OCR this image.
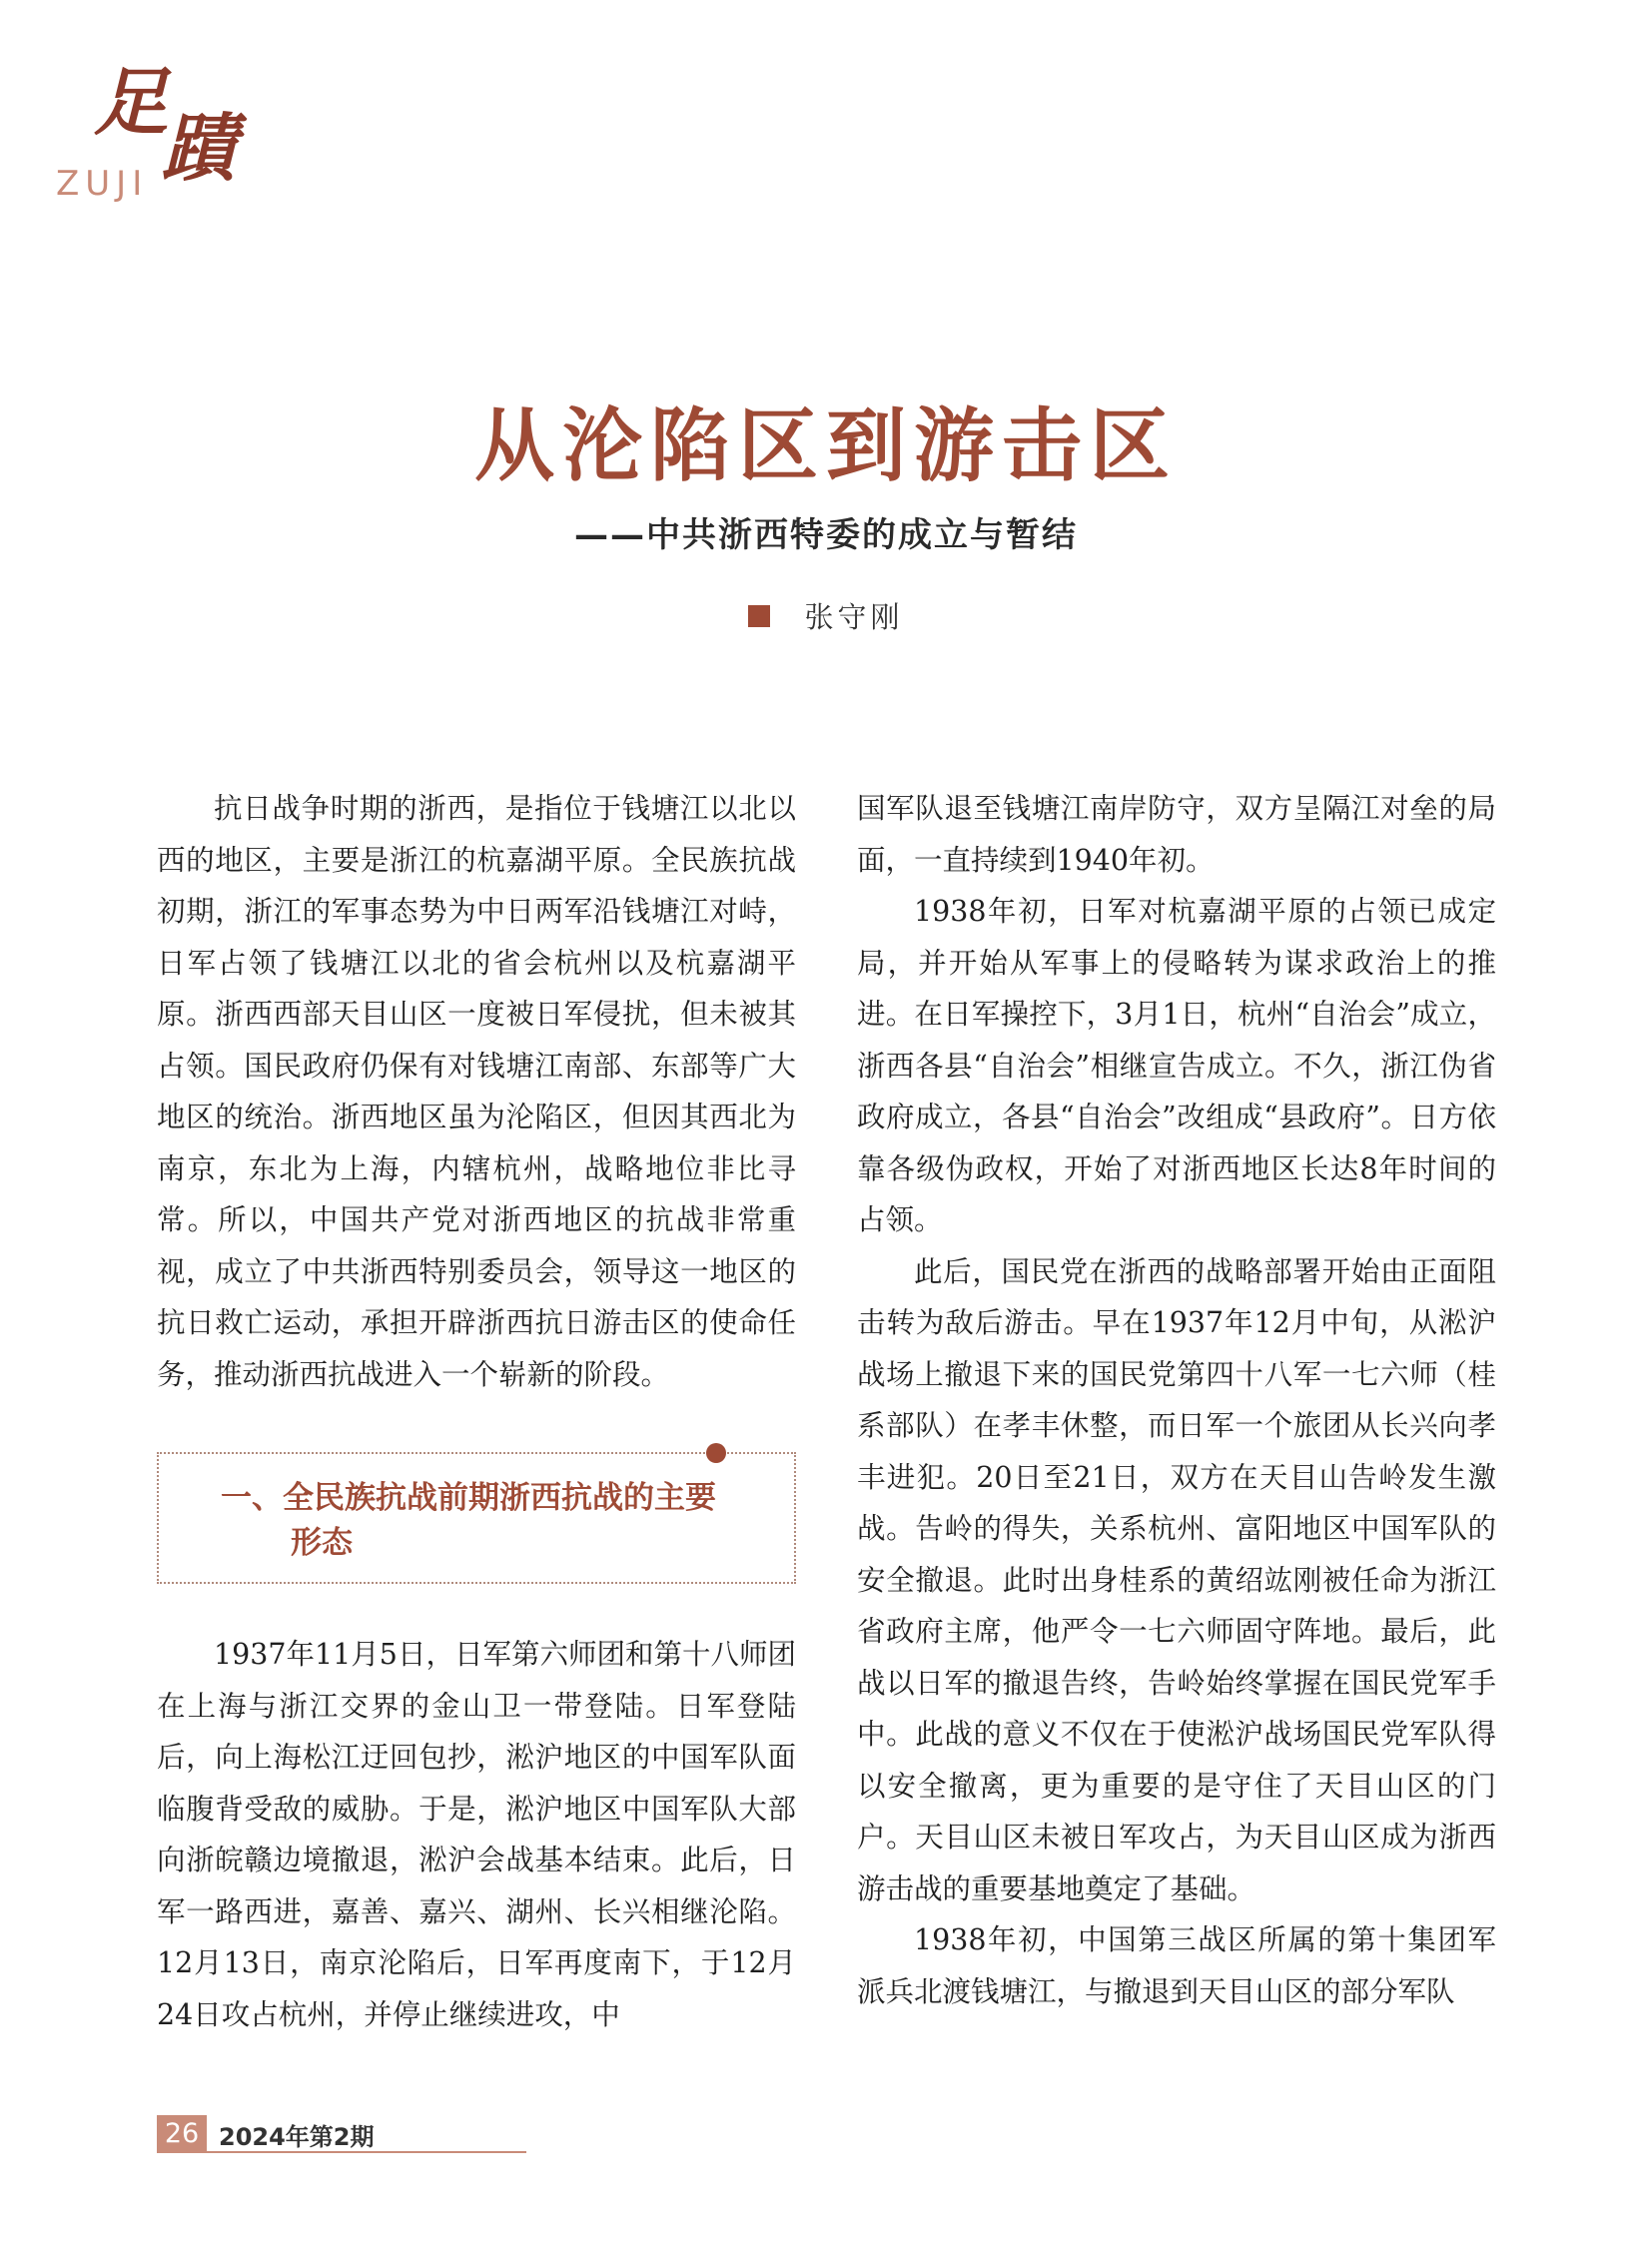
足蹟
ZUJI
从沦陷区到游击区
——中共浙西特委的成立与暂结
张守刚

抗日战争时期的浙西，是指位于钱塘江以北以西的地区，主要是浙江的杭嘉湖平原。全民族抗战初期，浙江的军事态势为中日两军沿钱塘江对峙，日军占领了钱塘江以北的省会杭州以及杭嘉湖平原。浙西西部天目山区一度被日军侵扰，但未被其占领。国民政府仍保有对钱塘江南部、东部等广大地区的统治。浙西地区虽为沦陷区，但因其西北为南京，东北为上海，内辖杭州，战略地位非比寻常。所以，中国共产党对浙西地区的抗战非常重视，成立了中共浙西特别委员会，领导这一地区的抗日救亡运动，承担开辟浙西抗日游击区的使命任务，推动浙西抗战进入一个崭新的阶段。

一、全民族抗战前期浙西抗战的主要
形态

1937年11月5日，日军第六师团和第十八师团在上海与浙江交界的金山卫一带登陆。日军登陆后，向上海松江迂回包抄，淞沪地区的中国军队面临腹背受敌的威胁。于是，淞沪地区中国军队大部向浙皖赣边境撤退，淞沪会战基本结束。此后，日军一路西进，嘉善、嘉兴、湖州、长兴相继沦陷。12月13日，南京沦陷后，日军再度南下，于12月24日攻占杭州，并停止继续进攻，中

国军队退至钱塘江南岸防守，双方呈隔江对垒的局面，一直持续到1940年初。

1938年初，日军对杭嘉湖平原的占领已成定局，并开始从军事上的侵略转为谋求政治上的推进。在日军操控下，3月1日，杭州“自治会”成立，浙西各县“自治会”相继宣告成立。不久，浙江伪省政府成立，各县“自治会”改组成“县政府”。日方依靠各级伪政权，开始了对浙西地区长达8年时间的占领。

此后，国民党在浙西的战略部署开始由正面阻击转为敌后游击。早在1937年12月中旬，从淞沪战场上撤退下来的国民党第四十八军一七六师（桂系部队）在孝丰休整，而日军一个旅团从长兴向孝丰进犯。20日至21日，双方在天目山告岭发生激战。告岭的得失，关系杭州、富阳地区中国军队的安全撤退。此时出身桂系的黄绍竑刚被任命为浙江省政府主席，他严令一七六师固守阵地。最后，此战以日军的撤退告终，告岭始终掌握在国民党军手中。此战的意义不仅在于使淞沪战场国民党军队得以安全撤离，更为重要的是守住了天目山区的门户。天目山区未被日军攻占，为天目山区成为浙西游击战的重要基地奠定了基础。

1938年初，中国第三战区所属的第十集团军派兵北渡钱塘江，与撤退到天目山区的部分军队

26 2024年第2期
